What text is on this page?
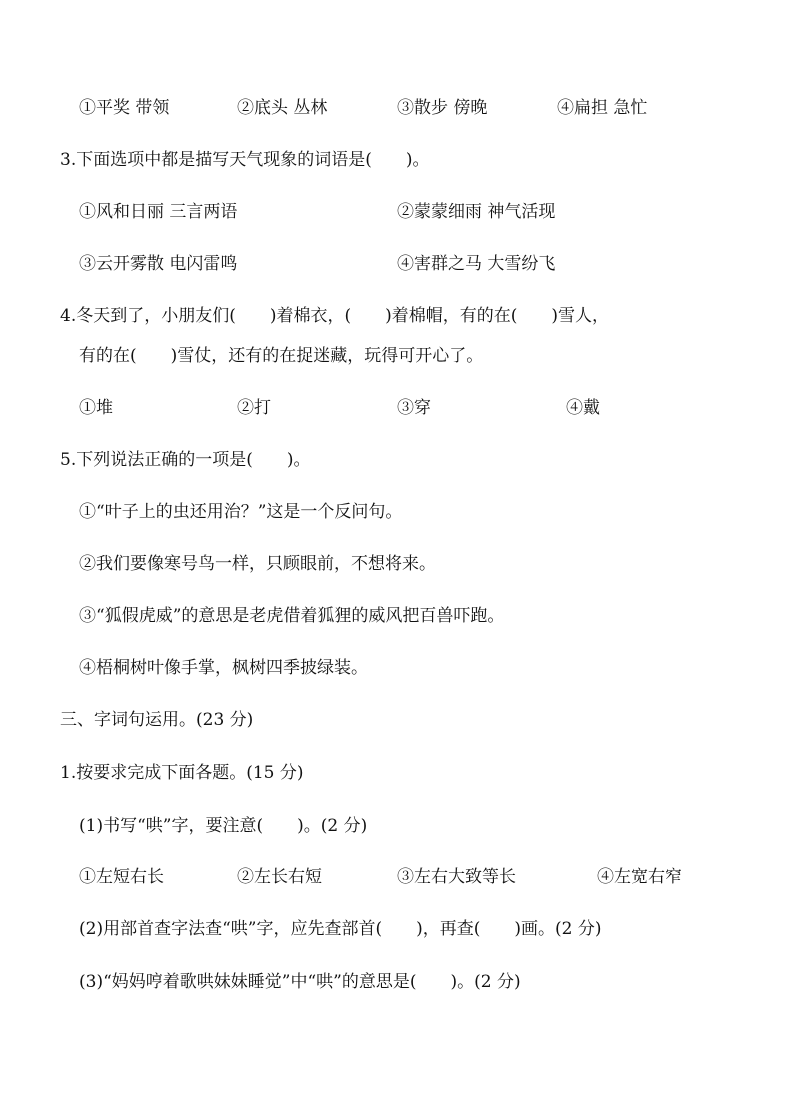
①平奖 带领	②底头 丛林	③散步 傍晚	④扁担 急忙
3.下面选项中都是描写天气现象的词语是(　　)。
①风和日丽 三言两语	②蒙蒙细雨 神气活现
③云开雾散 电闪雷鸣	④害群之马 大雪纷飞
4.冬天到了，小朋友们(　　)着棉衣，(　　)着棉帽，有的在(　　)雪人，
有的在(　　)雪仗，还有的在捉迷藏，玩得可开心了。
①堆	②打	③穿	④戴
5.下列说法正确的一项是(　　)。
①“叶子上的虫还用治？”这是一个反问句。
②我们要像寒号鸟一样，只顾眼前，不想将来。
③“狐假虎威”的意思是老虎借着狐狸的威风把百兽吓跑。
④梧桐树叶像手掌，枫树四季披绿装。
三、字词句运用。(23 分)
1.按要求完成下面各题。(15 分)
(1)书写“哄”字，要注意(　　)。(2 分)
①左短右长	②左长右短	③左右大致等长	④左宽右窄
(2)用部首查字法查“哄”字，应先查部首(　　)，再查(　　)画。(2 分)
(3)“妈妈哼着歌哄妹妹睡觉”中“哄”的意思是(　　)。(2 分)
